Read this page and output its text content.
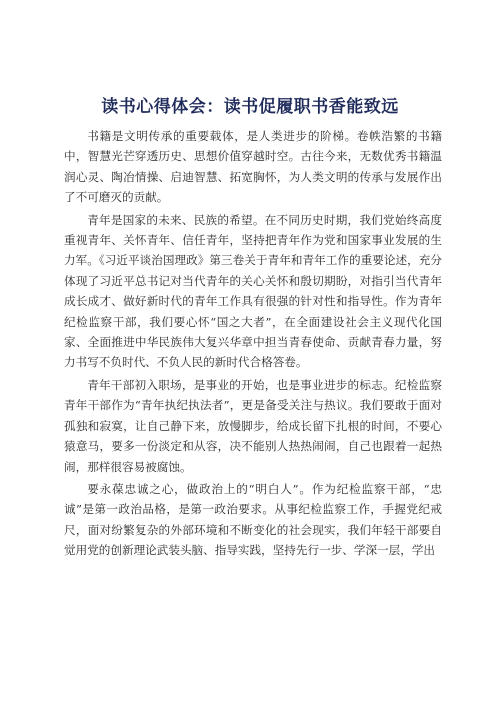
读书心得体会：读书促履职书香能致远

书籍是文明传承的重要载体，是人类进步的阶梯。卷帙浩繁的书籍中，智慧光芒穿透历史、思想价值穿越时空。古往今来，无数优秀书籍温润心灵、陶冶情操、启迪智慧、拓宽胸怀，为人类文明的传承与发展作出了不可磨灭的贡献。

青年是国家的未来、民族的希望。在不同历史时期，我们党始终高度重视青年、关怀青年、信任青年，坚持把青年作为党和国家事业发展的生力军。《习近平谈治国理政》第三卷关于青年和青年工作的重要论述，充分体现了习近平总书记对当代青年的关心关怀和殷切期盼，对指引当代青年成长成才、做好新时代的青年工作具有很强的针对性和指导性。作为青年纪检监察干部，我们要心怀“国之大者”，在全面建设社会主义现代化国家、全面推进中华民族伟大复兴华章中担当青春使命、贡献青春力量，努力书写不负时代、不负人民的新时代合格答卷。

青年干部初入职场，是事业的开始，也是事业进步的标志。纪检监察青年干部作为“青年执纪执法者”，更是备受关注与热议。我们要敢于面对孤独和寂寞，让自己静下来，放慢脚步，给成长留下扎根的时间，不要心猿意马，要多一份淡定和从容，决不能别人热热闹闹，自己也跟着一起热闹，那样很容易被腐蚀。

要永葆忠诚之心，做政治上的“明白人”。作为纪检监察干部，“忠诚”是第一政治品格，是第一政治要求。从事纪检监察工作，手握党纪戒尺，面对纷繁复杂的外部环境和不断变化的社会现实，我们年轻干部要自觉用党的创新理论武装头脑、指导实践，坚持先行一步、学深一层，学出
